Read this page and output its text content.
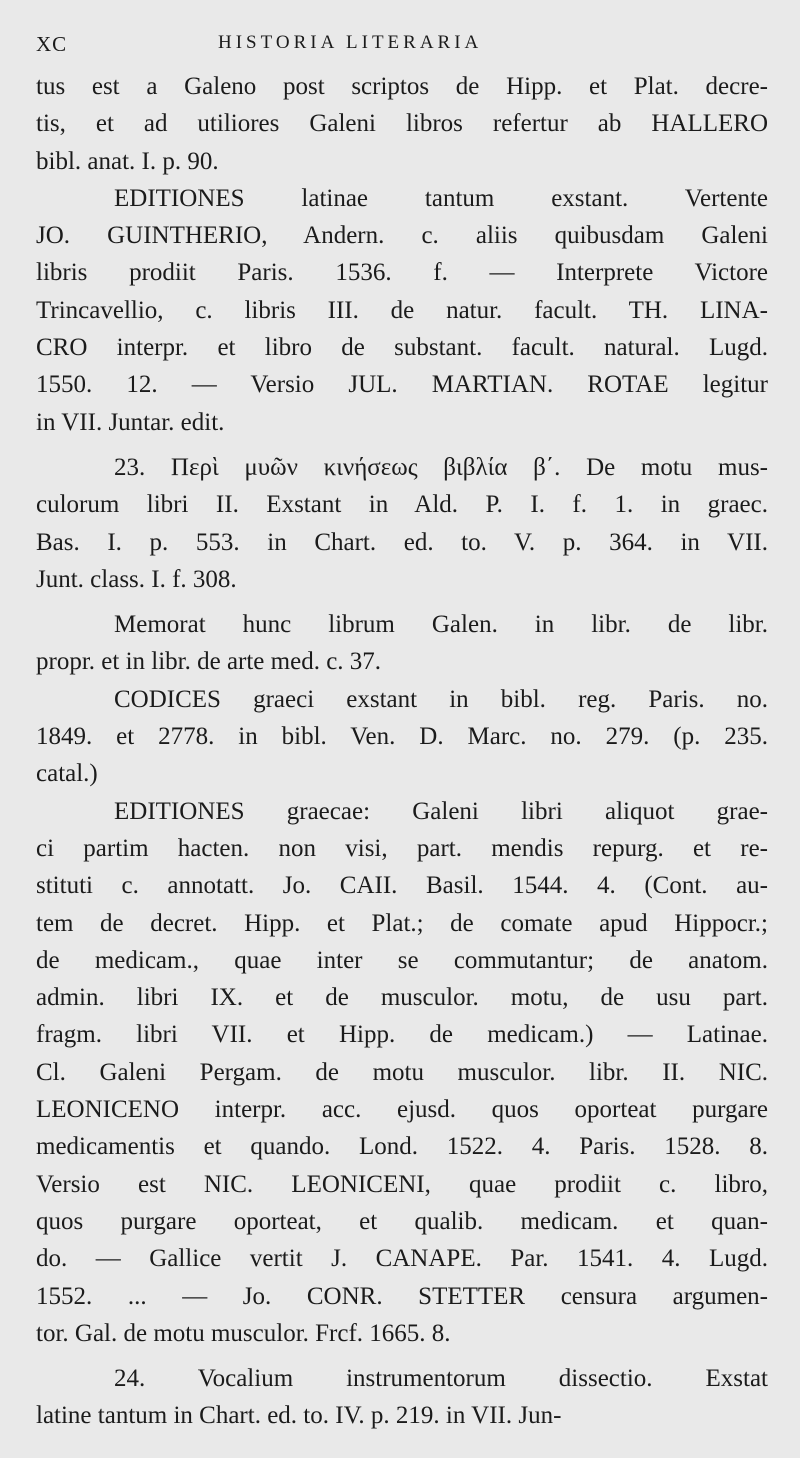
XC	HISTORIA LITERARIA
tus est a Galeno post scriptos de Hipp. et Plat. decre-
tis, et ad utiliores Galeni libros refertur ab HALLERO
bibl. anat. I. p. 90.
EDITIONES latinae tantum exstant. Vertente
JO. GUINTHERIO, Andern. c. aliis quibusdam Galeni
libris prodiit Paris. 1536. f. — Interprete Victore
Trincavellio, c. libris III. de natur. facult. TH. LINA-
CRO interpr. et libro de substant. facult. natural. Lugd.
1550. 12. — Versio JUL. MARTIAN. ROTAE legitur
in VII. Juntar. edit.
23. Περὶ μυῶν κινήσεως βιβλία β΄. De motu mus-
culorum libri II. Exstant in Ald. P. I. f. 1. in graec.
Bas. I. p. 553. in Chart. ed. to. V. p. 364. in VII.
Junt. class. I. f. 308.
Memorat hunc librum Galen. in libr. de libr.
propr. et in libr. de arte med. c. 37.
CODICES graeci exstant in bibl. reg. Paris. no.
1849. et 2778. in bibl. Ven. D. Marc. no. 279. (p. 235.
catal.)
EDITIONES graecae: Galeni libri aliquot grae-
ci partim hacten. non visi, part. mendis repurg. et re-
stituti c. annotatt. Jo. CAII. Basil. 1544. 4. (Cont. au-
tem de decret. Hipp. et Plat.; de comate apud Hippocr.;
de medicam., quae inter se commutantur; de anatom.
admin. libri IX. et de musculor. motu, de usu part.
fragm. libri VII. et Hipp. de medicam.) — Latinae.
Cl. Galeni Pergam. de motu musculor. libr. II. NIC.
LEONICENO interpr. acc. ejusd. quos oporteat purgare
medicamentis et quando. Lond. 1522. 4. Paris. 1528. 8.
Versio est NIC. LEONICENI, quae prodiit c. libro,
quos purgare oporteat, et qualib. medicam. et quan-
do. — Gallice vertit J. CANAPE. Par. 1541. 4. Lugd.
1552. ... — Jo. CONR. STETTER censura argumen-
tor. Gal. de motu musculor. Frcf. 1665. 8.
24. Vocalium instrumentorum dissectio. Exstat
latine tantum in Chart. ed. to. IV. p. 219. in VII. Jun-
